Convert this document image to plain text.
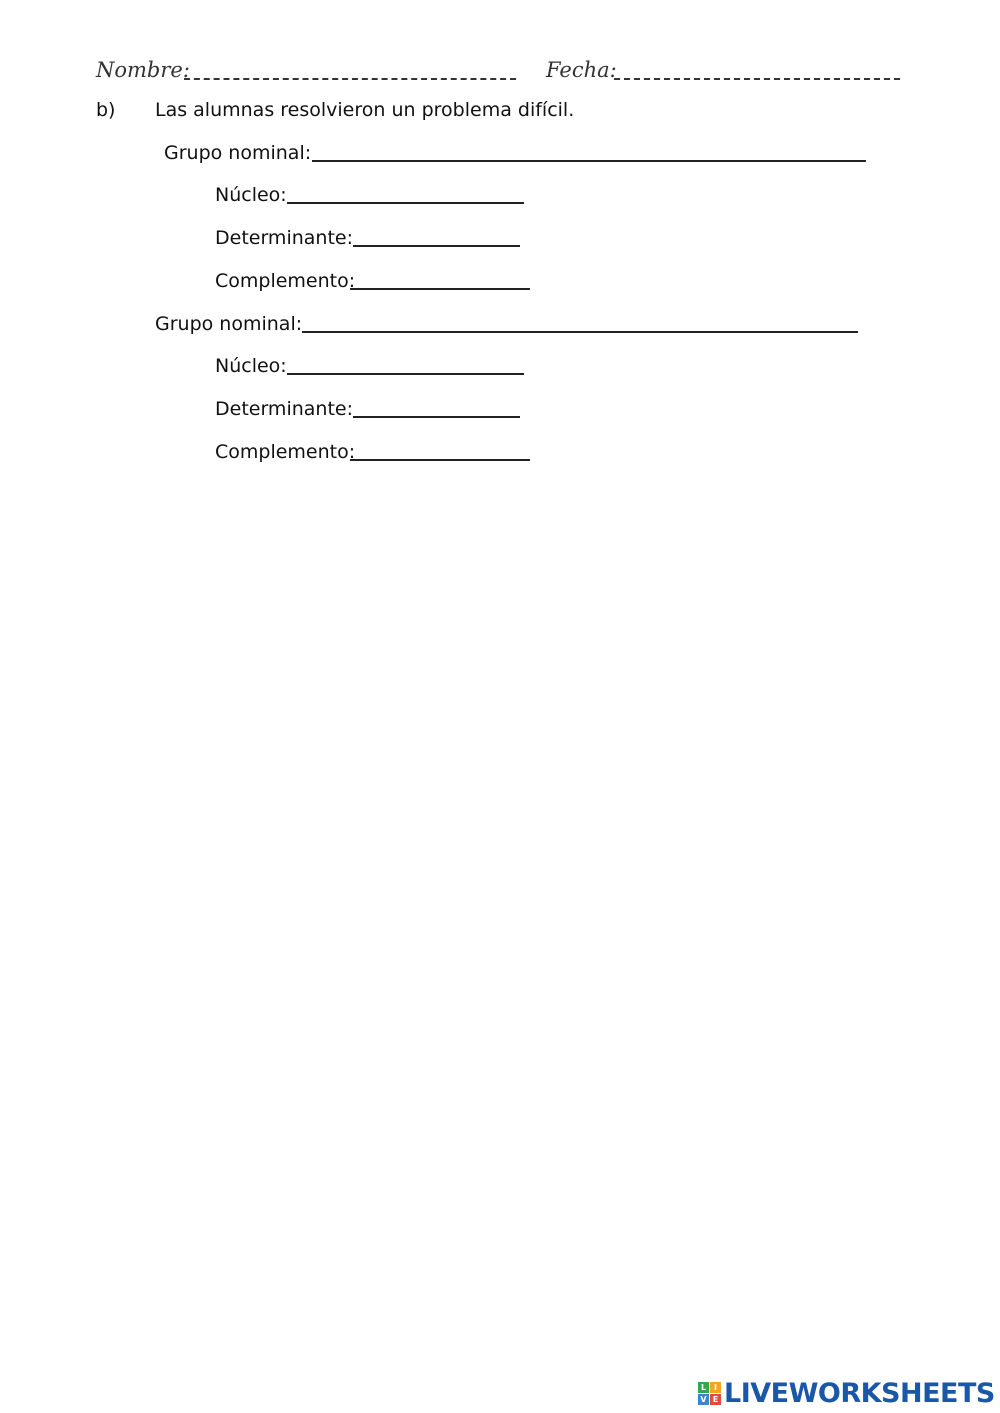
Nombre:	Fecha:
b) Las alumnas resolvieron un problema difícil.
Grupo nominal:
Núcleo:
Determinante:
Complemento:
Grupo nominal:
Núcleo:
Determinante:
Complemento:
L I
V E LIVEWORKSHEETS
